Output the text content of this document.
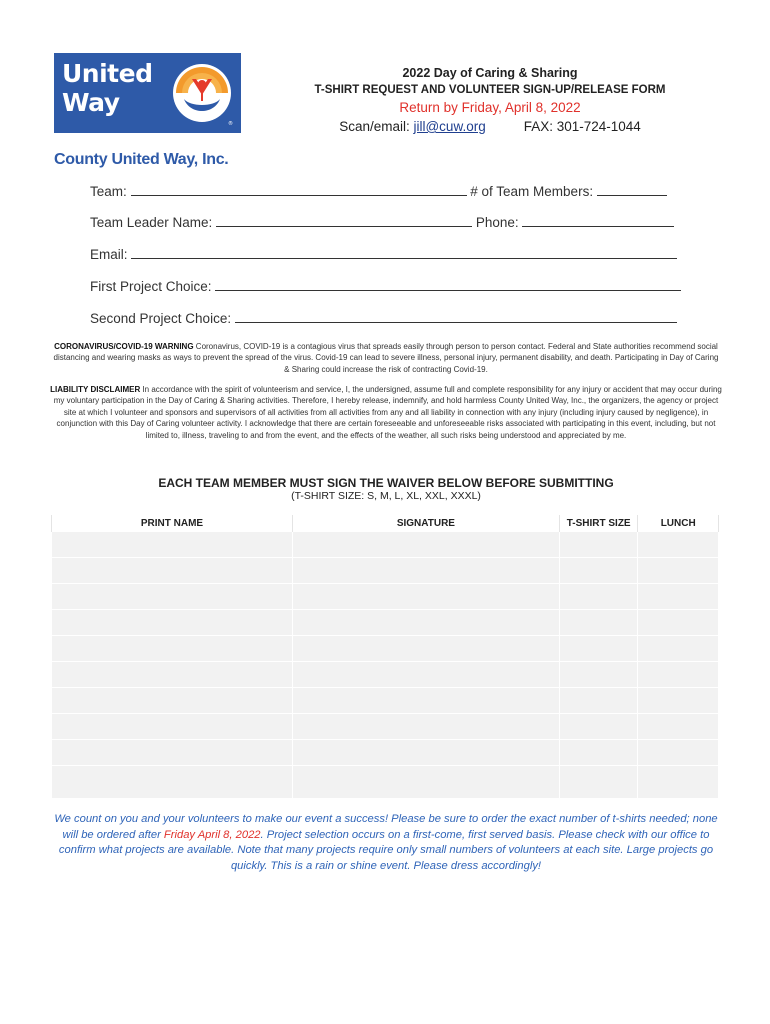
United
Way
®
County United Way, Inc.
2022 Day of Caring & Sharing
T-SHIRT REQUEST AND VOLUNTEER SIGN-UP/RELEASE FORM
Return by Friday, April 8, 2022
Scan/email: jill@cuw.org	FAX: 301-724-1044
Team:	# of Team Members:
Team Leader Name:	Phone:
Email:
First Project Choice:
Second Project Choice:
CORONAVIRUS/COVID-19 WARNING Coronavirus, COVID-19 is a contagious virus that spreads easily through person to person contact. Federal and State authorities recommend social distancing and wearing masks as ways to prevent the spread of the virus. Covid-19 can lead to severe illness, personal injury, permanent disability, and death. Participating in Day of Caring & Sharing could increase the risk of contracting Covid-19.
LIABILITY DISCLAIMER In accordance with the spirit of volunteerism and service, I, the undersigned, assume full and complete responsibility for any injury or accident that may occur during my voluntary participation in the Day of Caring & Sharing activities. Therefore, I hereby release, indemnify, and hold harmless County United Way, Inc., the organizers, the agency or project site at which I volunteer and sponsors and supervisors of all activities from all activities from any and all liability in connection with any injury (including injury caused by negligence), in conjunction with this Day of Caring volunteer activity. I acknowledge that there are certain foreseeable and unforeseeable risks associated with participating in this event, including, but not limited to, illness, traveling to and from the event, and the effects of the weather, all such risks being understood and appreciated by me.
EACH TEAM MEMBER MUST SIGN THE WAIVER BELOW BEFORE SUBMITTING
(T-SHIRT SIZE: S, M, L, XL, XXL, XXXL)
PRINT NAME	SIGNATURE	T-SHIRT SIZE	LUNCH

We count on you and your volunteers to make our event a success! Please be sure to order the exact number of t-shirts needed; none will be ordered after Friday April 8, 2022. Project selection occurs on a first-come, first served basis. Please check with our office to confirm what projects are available. Note that many projects require only small numbers of volunteers at each site. Large projects go quickly. This is a rain or shine event. Please dress accordingly!
